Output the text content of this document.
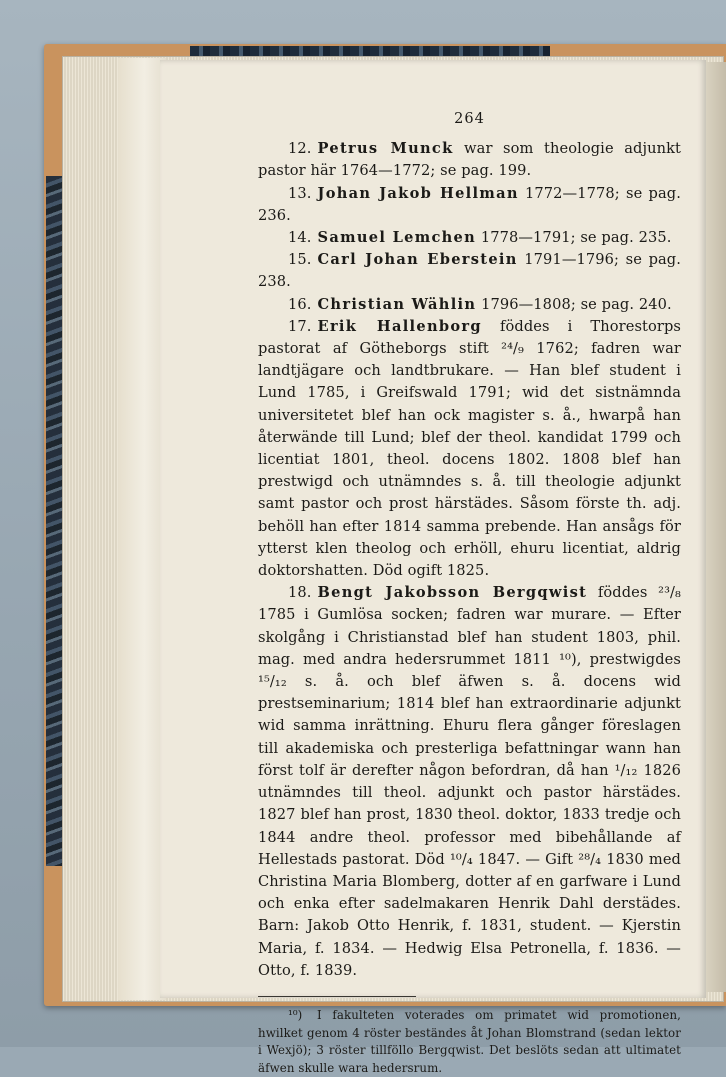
264
12. Petrus Munck war som theologie adjunkt pastor här 1764—1772; se pag. 199.
13. Johan Jakob Hellman 1772—1778; se pag. 236.
14. Samuel Lemchen 1778—1791; se pag. 235.
15. Carl Johan Eberstein 1791—1796; se pag. 238.
16. Christian Wählin 1796—1808; se pag. 240.
17. Erik Hallenborg föddes i Thorestorps pastorat af Götheborgs stift ²⁴/₉ 1762; fadren war landtjägare och landtbrukare. — Han blef student i Lund 1785, i Greifswald 1791; wid det sistnämnda universitetet blef han ock magister s. å., hwarpå han återwände till Lund; blef der theol. kandidat 1799 och licentiat 1801, theol. docens 1802. 1808 blef han prestwigd och utnämndes s. å. till theologie adjunkt samt pastor och prost härstädes. Såsom förste th. adj. behöll han efter 1814 samma prebende. Han ansågs för ytterst klen theolog och erhöll, ehuru licentiat, aldrig doktorshatten. Död ogift 1825.
18. Bengt Jakobsson Bergqwist föddes ²³/₈ 1785 i Gumlösa socken; fadren war murare. — Efter skolgång i Christianstad blef han student 1803, phil. mag. med andra hedersrummet 1811 ¹⁰), prestwigdes ¹⁵/₁₂ s. å. och blef äfwen s. å. docens wid prestseminarium; 1814 blef han extraordinarie adjunkt wid samma inrättning. Ehuru flera gånger föreslagen till akademiska och presterliga befattningar wann han först tolf är derefter någon befordran, då han ¹/₁₂ 1826 utnämndes till theol. adjunkt och pastor härstädes. 1827 blef han prost, 1830 theol. doktor, 1833 tredje och 1844 andre theol. professor med bibehållande af Hellestads pastorat. Död ¹⁰/₄ 1847. — Gift ²⁸/₄ 1830 med Christina Maria Blomberg, dotter af en garfware i Lund och enka efter sadelmakaren Henrik Dahl derstädes. Barn: Jakob Otto Henrik, f. 1831, student. — Kjerstin Maria, f. 1834. — Hedwig Elsa Petronella, f. 1836. — Otto, f. 1839.
¹⁰) I fakulteten voterades om primatet wid promotionen, hwilket genom 4 röster beständes åt Johan Blomstrand (sedan lektor i Wexjö); 3 röster tillföllo Bergqwist. Det beslöts sedan att ultimatet äfwen skulle wara hedersrum.
